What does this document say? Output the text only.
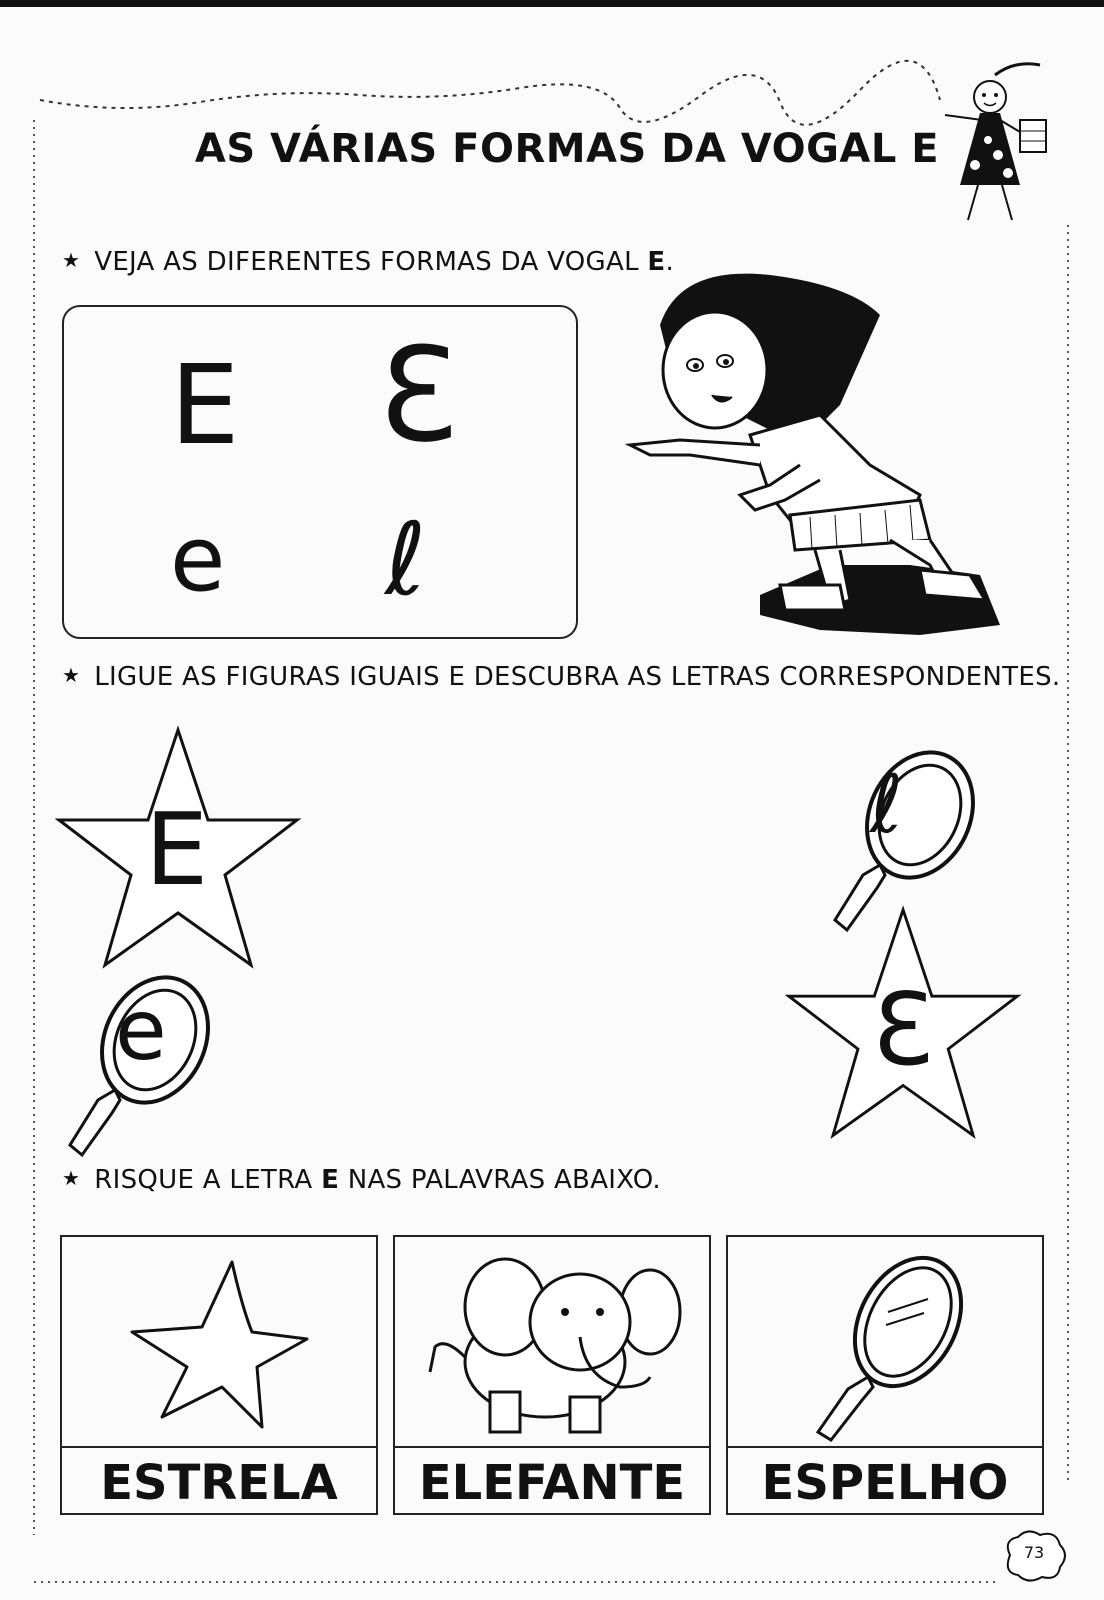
AS VÁRIAS FORMAS DA VOGAL E
★ VEJA AS DIFERENTES FORMAS DA VOGAL E.
E Ɛ
e ℓ
★ LIGUE AS FIGURAS IGUAIS E DESCUBRA AS LETRAS CORRESPONDENTES.
E
e
ℓ
Ɛ
★ RISQUE A LETRA E NAS PALAVRAS ABAIXO.
ESTRELA	ELEFANTE	ESPELHO
73
